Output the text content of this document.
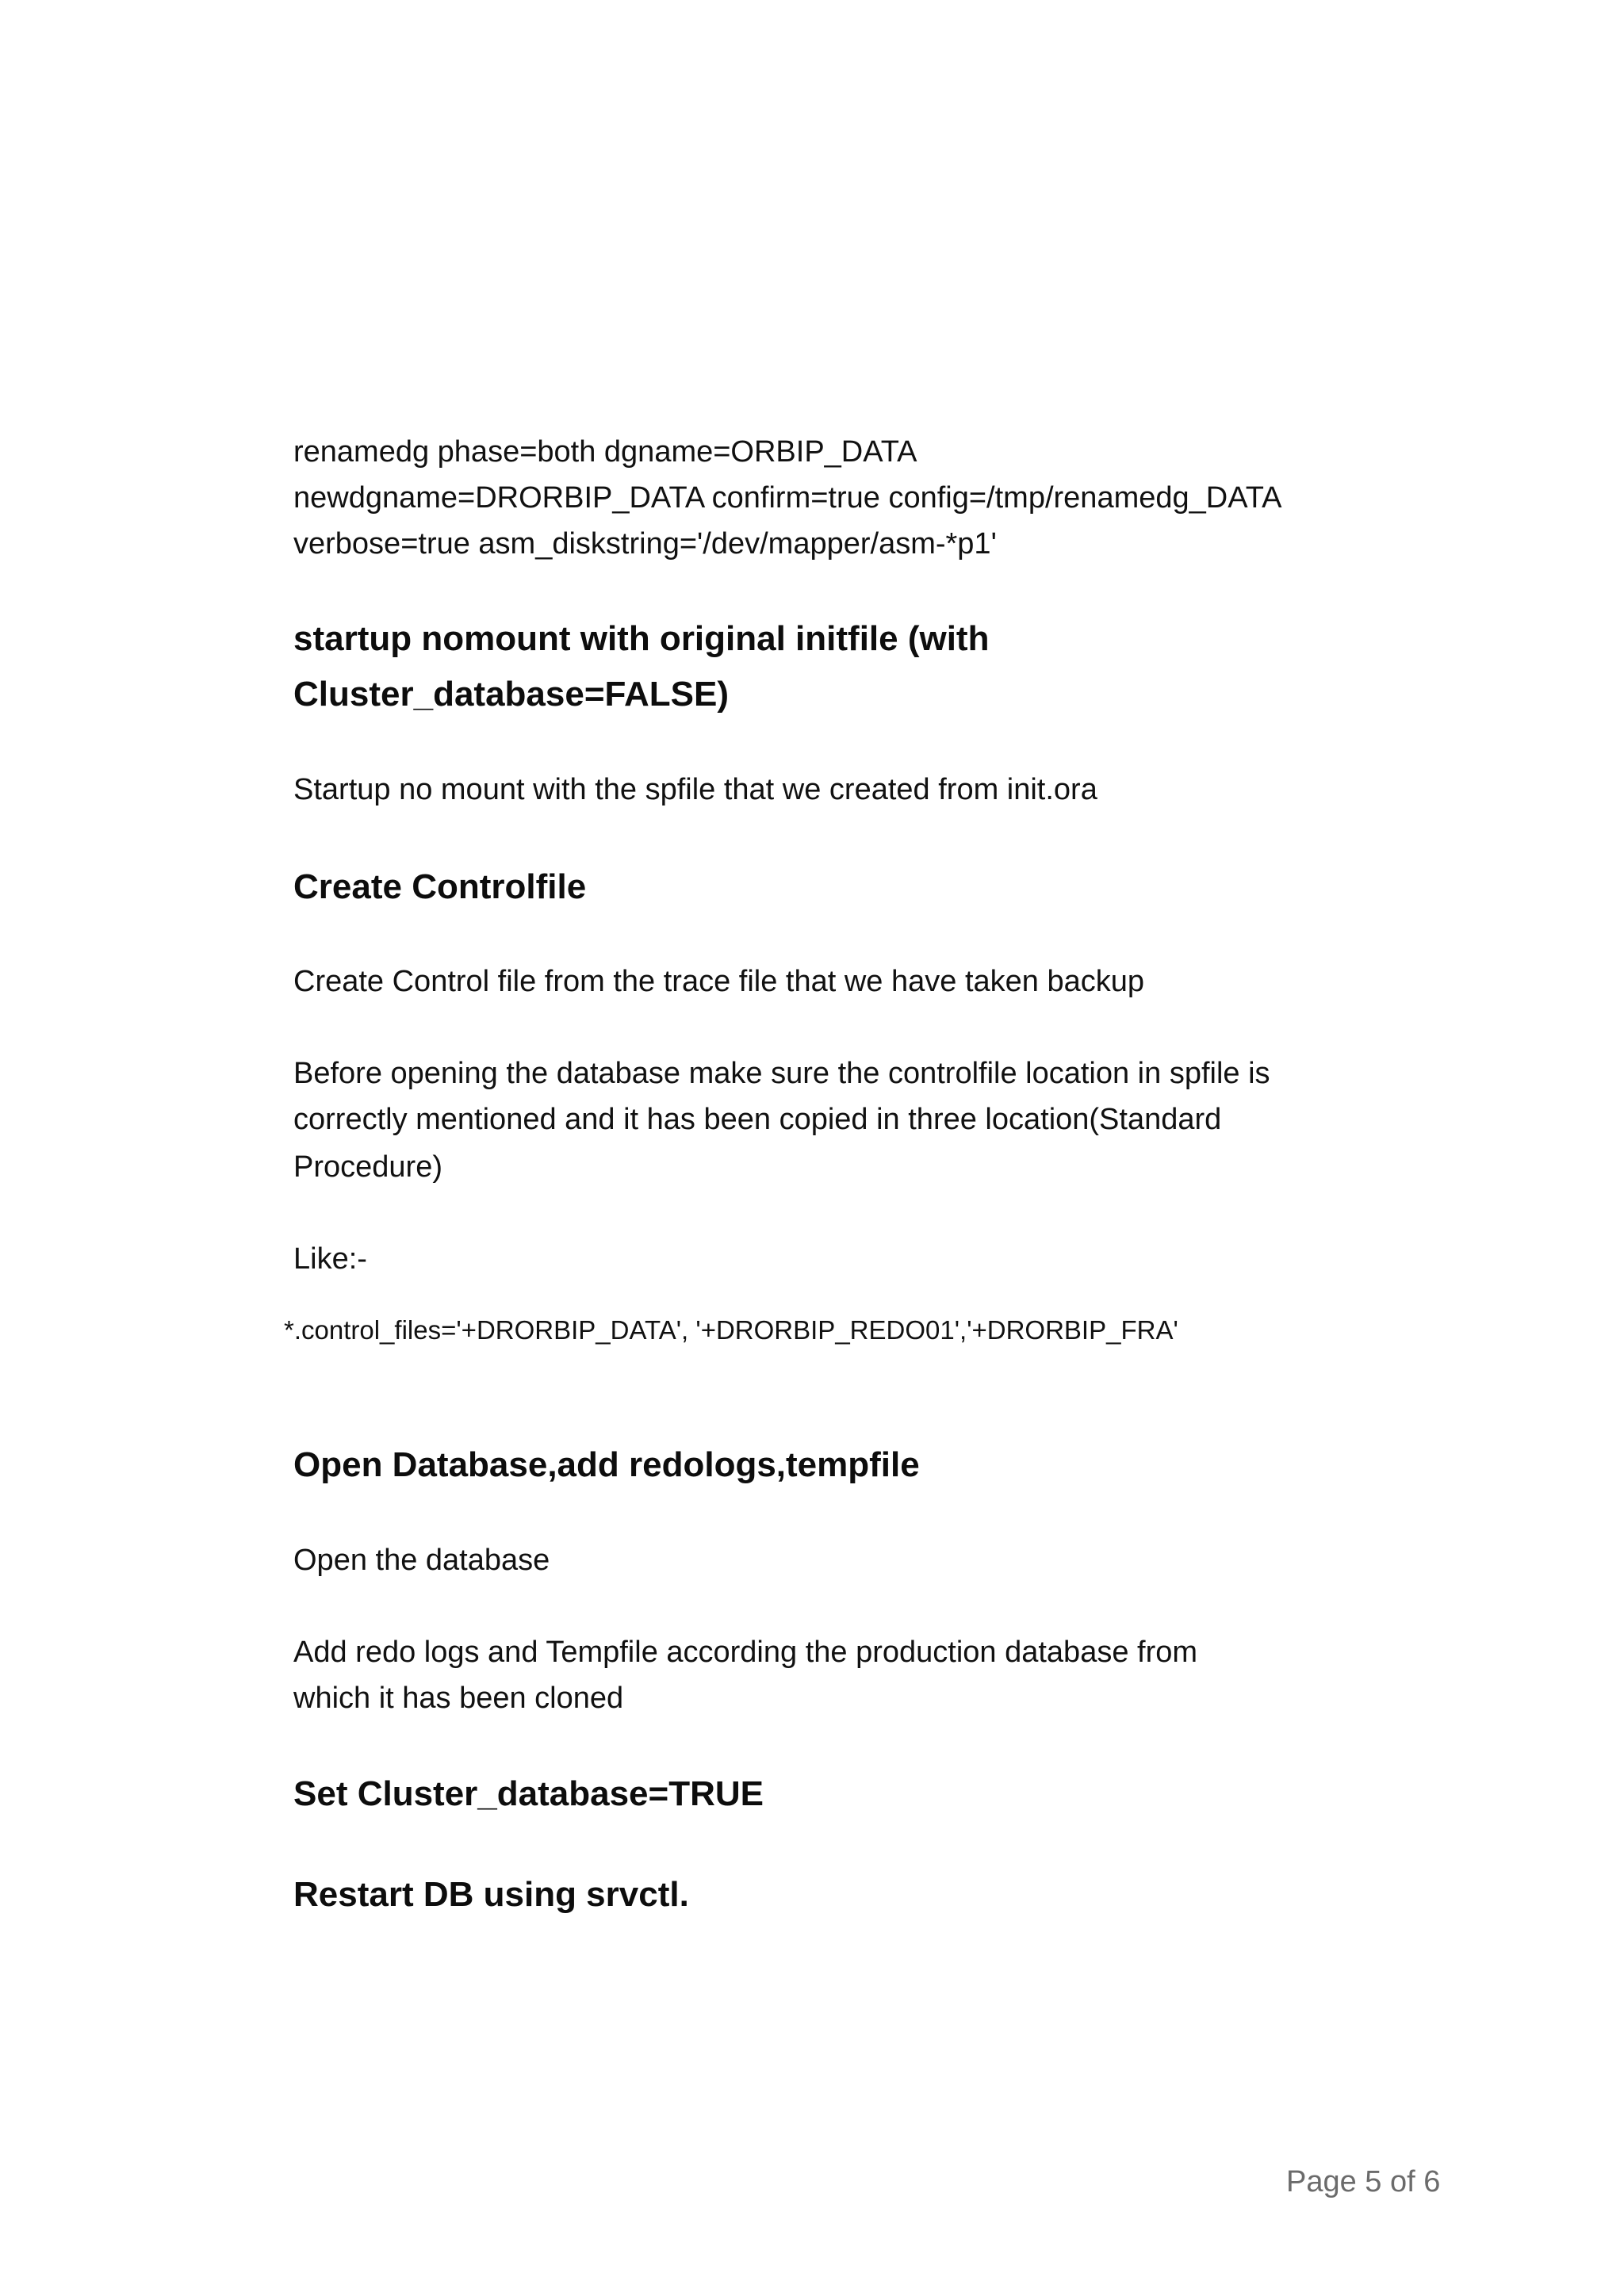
renamedg phase=both dgname=ORBIP_DATA
newdgname=DRORBIP_DATA confirm=true config=/tmp/renamedg_DATA
verbose=true asm_diskstring='/dev/mapper/asm-*p1'
startup nomount with original initfile (with
Cluster_database=FALSE)
Startup no mount with the spfile that we created from init.ora
Create Controlfile
Create Control file from the trace file that we have taken backup
Before opening the database make sure the controlfile location in spfile is
correctly mentioned and it has been copied in three location(Standard
Procedure)
Like:-
*.control_files='+DRORBIP_DATA', '+DRORBIP_REDO01','+DRORBIP_FRA'
Open Database,add redologs,tempfile
Open the database
Add redo logs and Tempfile according the production database from
which it has been cloned
Set Cluster_database=TRUE
Restart DB using srvctl.
Page 5 of 6
